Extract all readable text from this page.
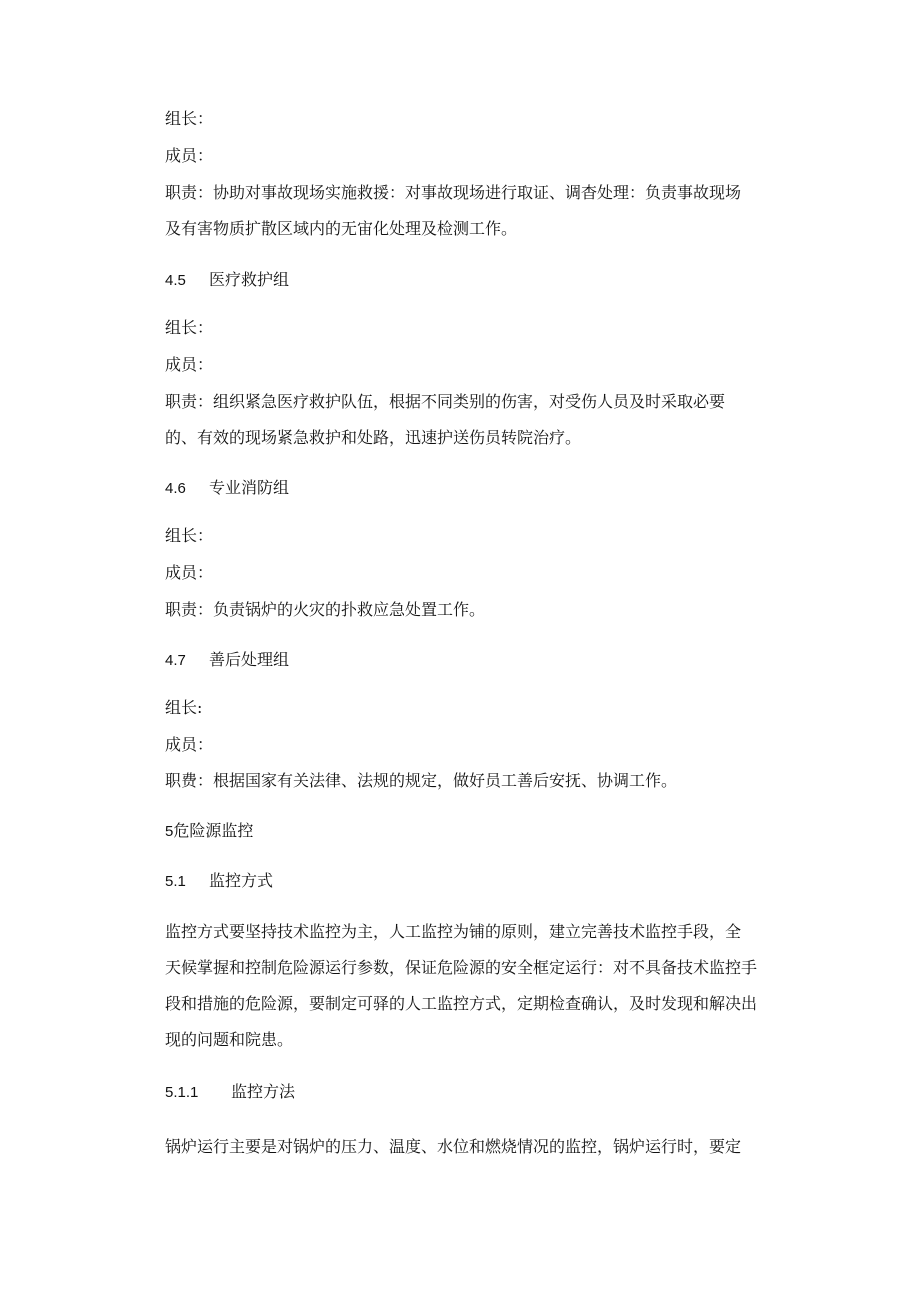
组长：
成员：
职责：协助对事故现场实施救援：对事故现场进行取证、调杳处理：负责事故现场
及有害物质扩散区域内的无宙化处理及检测工作。
4.5	医疗救护组
组长：
成员：
职责：组织紧急医疗救护队伍，根据不同类别的伤害，对受伤人员及时采取必要
的、有效的现场紧急救护和处路，迅速护送伤员转院治疗。
4.6	专业消防组
组长：
成员：
职责：负责锅炉的火灾的扑救应急处置工作。
4.7	善后处理组
组长:
成员：
职费：根据国家有关法律、法规的规定，做好员工善后安抚、协调工作。
5 危险源监控
5.1	监控方式
监控方式要坚持技术监控为主，人工监控为铺的原则，建立完善技术监控手段，全
天候掌握和控制危险源运行参数，保证危险源的安全框定运行：对不具备技术监控手
段和措施的危险源，要制定可驿的人工监控方式，定期检查确认，及时发现和解决出
现的问题和院患。
5.1.1	监控方法
锅炉运行主要是对锅炉的压力、温度、水位和燃烧情况的监控，锅炉运行时，要定
